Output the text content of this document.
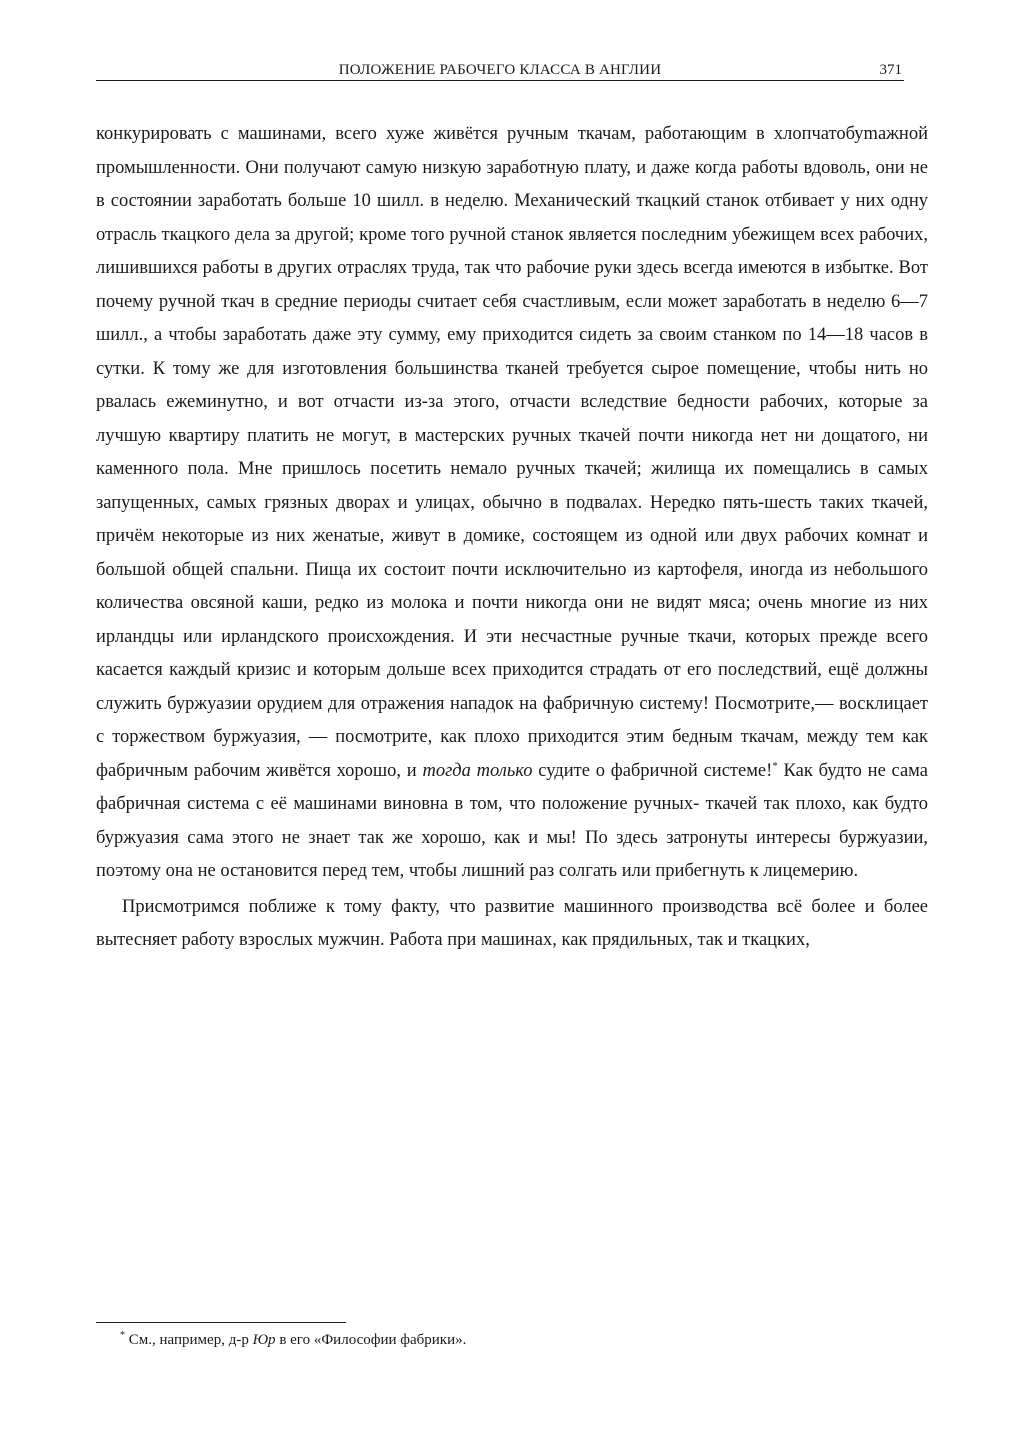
ПОЛОЖЕНИЕ РАБОЧЕГО КЛАССА В АНГЛИИ	371

конкурировать с машинами, всего хуже живётся ручным ткачам, работающим в хлопчатобуmажной промышленности. Они получают самую низкую заработную плату, и даже когда работы вдоволь, они не в состоянии заработать больше 10 шилл. в неделю. Механический ткацкий станок отбивает у них одну отрасль ткацкого дела за другой; кроме того ручной станок является последним убежищем всех рабочих, лишившихся работы в других отраслях труда, так что рабочие руки здесь всегда имеются в избытке. Вот почему ручной ткач в средние периоды считает себя счастливым, если может заработать в неделю 6—7 шилл., а чтобы заработать даже эту сумму, ему приходится сидеть за своим станком по 14—18 часов в сутки. К тому же для изготовления большинства тканей требуется сырое помещение, чтобы нить но рвалась ежеминутно, и вот отчасти из-за этого, отчасти вследствие бедности рабочих, которые за лучшую квартиру платить не могут, в мастерских ручных ткачей почти никогда нет ни дощатого, ни каменного пола. Мне пришлось посетить немало ручных ткачей; жилища их помещались в самых запущенных, самых грязных дворах и улицах, обычно в подвалах. Нередко пять-шесть таких ткачей, причём некоторые из них женатые, живут в домике, состоящем из одной или двух рабочих комнат и большой общей спальни. Пища их состоит почти исключительно из картофеля, иногда из небольшого количества овсяной каши, редко из молока и почти никогда они не видят мяса; очень многие из них ирландцы или ирландского происхождения. И эти несчастные ручные ткачи, которых прежде всего касается каждый кризис и которым дольше всех приходится страдать от его последствий, ещё должны служить буржуазии орудием для отражения нападок на фабричную систему! Посмотрите,— восклицает с торжеством буржуазия, — посмотрите, как плохо приходится этим бедным ткачам, между тем как фабричным рабочим живётся хорошо, и тогда только судите о фабричной системе!* Как будто не сама фабричная система с её машинами виновна в том, что положение ручных- ткачей так плохо, как будто буржуазия сама этого не знает так же хорошо, как и мы! По здесь затронуты интересы буржуазии, поэтому она не остановится перед тем, чтобы лишний раз солгать или прибегнуть к лицемерию.

Присмотримся поближе к тому факту, что развитие машинного производства всё более и более вытесняет работу взрослых мужчин. Работа при машинах, как прядильных, так и ткацких,

* См., например, д-р Юр в его «Философии фабрики».
